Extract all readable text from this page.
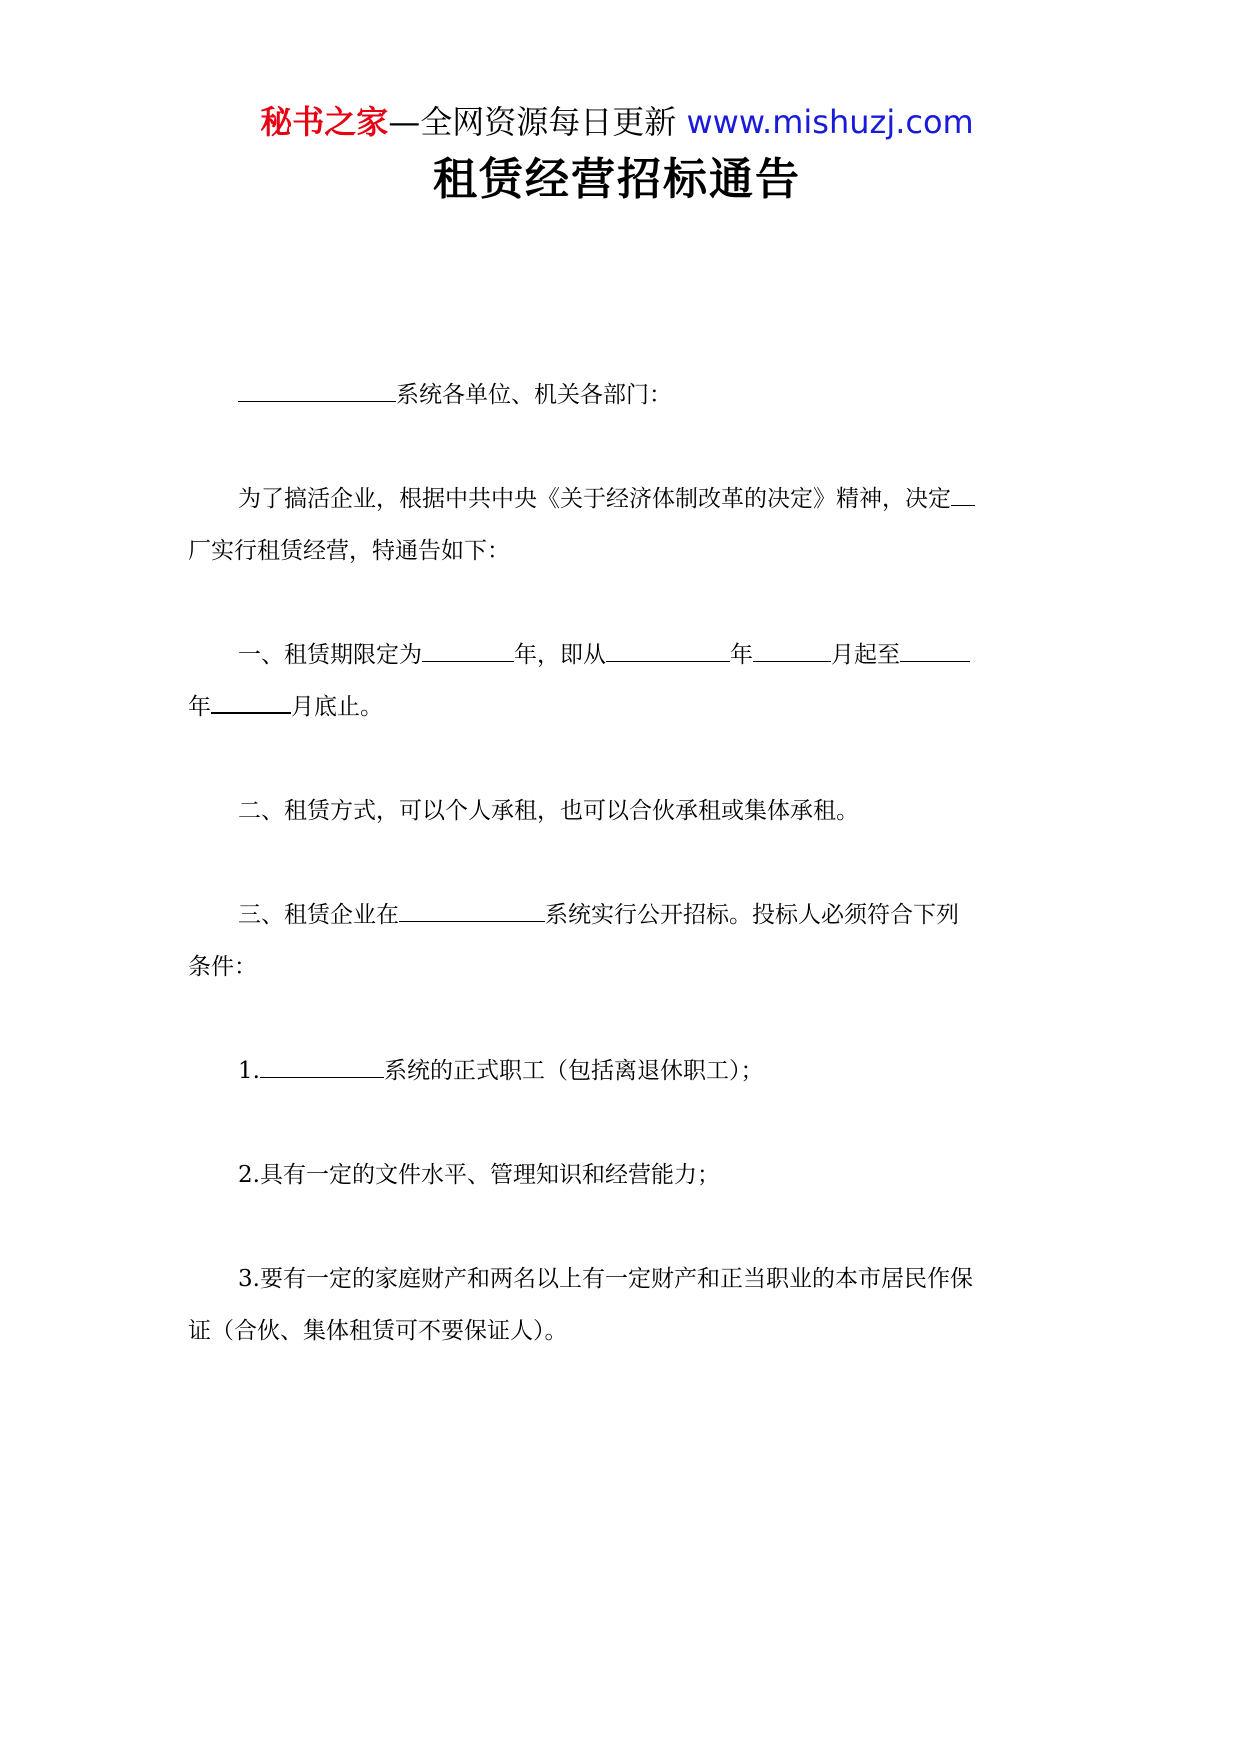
秘书之家—全网资源每日更新 www.mishuzj.com
租赁经营招标通告
系统各单位、机关各部门：
为了搞活企业，根据中共中央《关于经济体制改革的决定》精神，决定
厂实行租赁经营，特通告如下：
一、租赁期限定为	年，即从	年	月起至
年	月底止。
二、租赁方式，可以个人承租，也可以合伙承租或集体承租。
三、租赁企业在	系统实行公开招标。投标人必须符合下列
条件：
1.	系统的正式职工（包括离退休职工）；
2.具有一定的文件水平、管理知识和经营能力；
3.要有一定的家庭财产和两名以上有一定财产和正当职业的本市居民作保
证（合伙、集体租赁可不要保证人）。
